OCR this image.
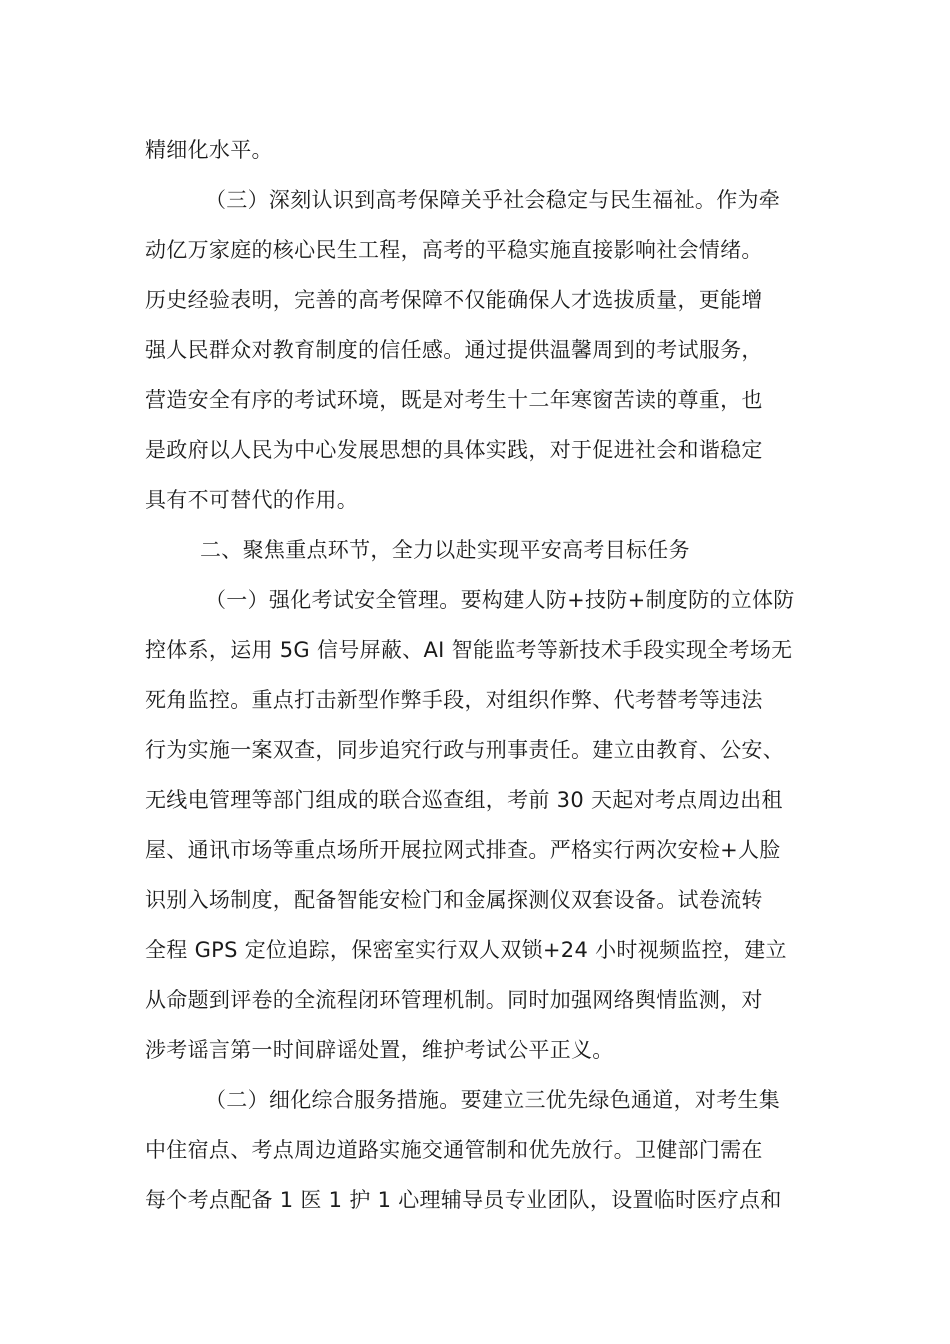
精细化水平。

（三）深刻认识到高考保障关乎社会稳定与民生福祉。作为牵

动亿万家庭的核心民生工程，高考的平稳实施直接影响社会情绪。

历史经验表明，完善的高考保障不仅能确保人才选拔质量，更能增

强人民群众对教育制度的信任感。通过提供温馨周到的考试服务，

营造安全有序的考试环境，既是对考生十二年寒窗苦读的尊重，也

是政府以人民为中心发展思想的具体实践，对于促进社会和谐稳定

具有不可替代的作用。

二、聚焦重点环节，全力以赴实现平安高考目标任务

（一）强化考试安全管理。要构建人防+技防+制度防的立体防

控体系，运用 5G 信号屏蔽、AI 智能监考等新技术手段实现全考场无

死角监控。重点打击新型作弊手段，对组织作弊、代考替考等违法

行为实施一案双查，同步追究行政与刑事责任。建立由教育、公安、

无线电管理等部门组成的联合巡查组，考前 30 天起对考点周边出租

屋、通讯市场等重点场所开展拉网式排查。严格实行两次安检+人脸

识别入场制度，配备智能安检门和金属探测仪双套设备。试卷流转

全程 GPS 定位追踪，保密室实行双人双锁+24 小时视频监控，建立

从命题到评卷的全流程闭环管理机制。同时加强网络舆情监测，对

涉考谣言第一时间辟谣处置，维护考试公平正义。

（二）细化综合服务措施。要建立三优先绿色通道，对考生集

中住宿点、考点周边道路实施交通管制和优先放行。卫健部门需在

每个考点配备 1 医 1 护 1 心理辅导员专业团队，设置临时医疗点和
